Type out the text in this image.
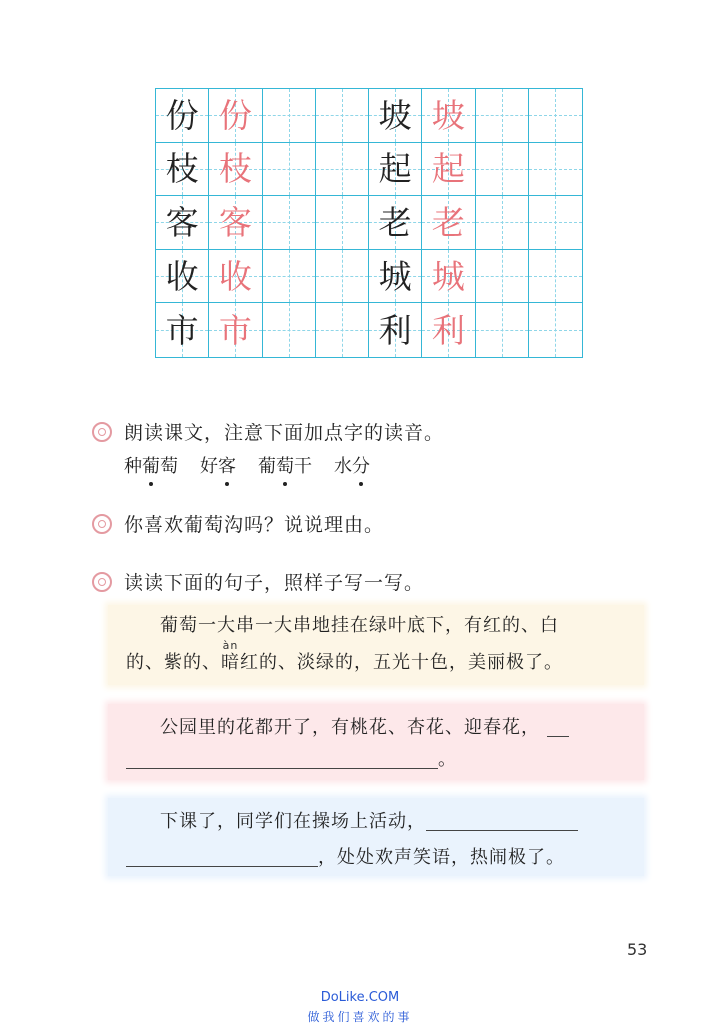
份 份	坡 坡
枝 枝	起 起
客 客	老 老
收 收	城 城
市 市	利 利
朗读课文，注意下面加点字的读音。
种 葡 萄 好 客 葡 萄 干 水 分
你喜欢葡萄沟吗？说说理由。
读读下面的句子，照样子写一写。
葡萄一大串一大串地挂在绿叶底下，有红的、白
的、紫的、
àn
暗红的、淡绿的，五光十色，美丽极了。
公园里的花都开了，有桃花、杏花、迎春花，
。
下课了，同学们在操场上活动，
，处处欢声笑语，热闹极了。
53
DoLike.COM
做我们喜欢的事
